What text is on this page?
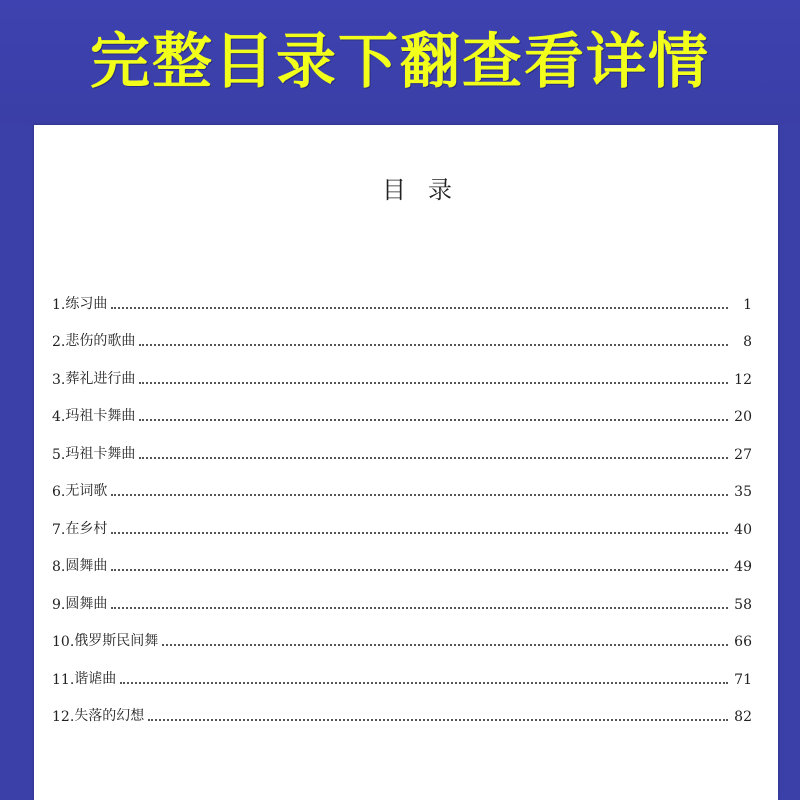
完整目录下翻查看详情
目录
1. 练习曲	1
2. 悲伤的歌曲	8
3. 葬礼进行曲	12
4. 玛祖卡舞曲	20
5. 玛祖卡舞曲	27
6. 无词歌	35
7. 在乡村	40
8. 圆舞曲	49
9. 圆舞曲	58
10. 俄罗斯民间舞	66
11. 谐谑曲	71
12. 失落的幻想	82
